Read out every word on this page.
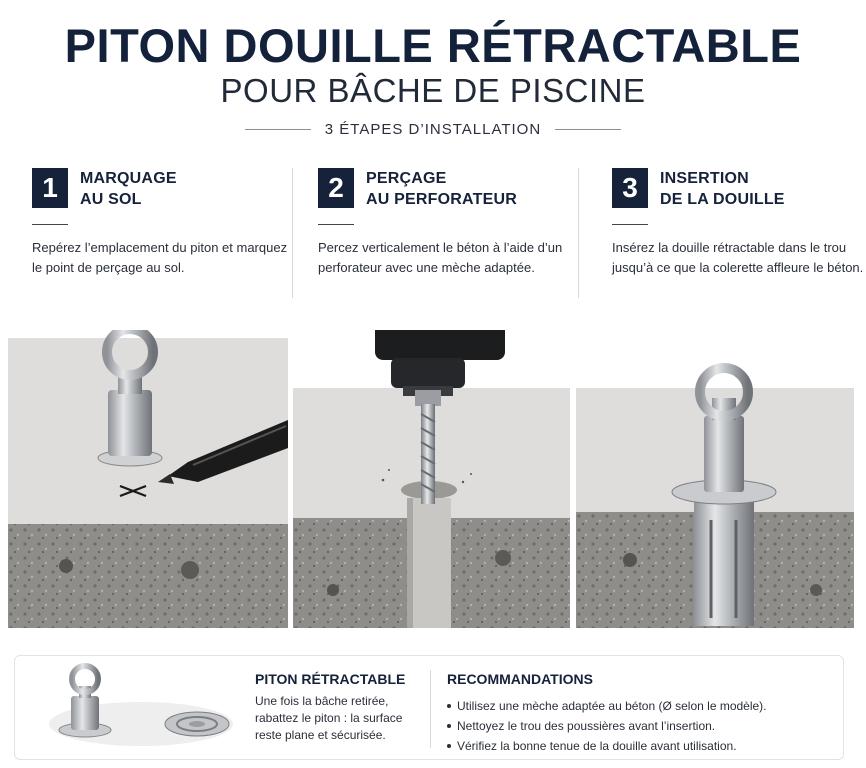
PITON DOUILLE RÉTRACTABLE
POUR BÂCHE DE PISCINE
3 ÉTAPES D’INSTALLATION
1	MARQUAGE
AU SOL
Repérez l’emplacement du piton et marquez le point de perçage au sol.
2	PERÇAGE
AU PERFORATEUR
Percez verticalement le béton à l’aide d’un perforateur avec une mèche adaptée.
3	INSERTION
DE LA DOUILLE
Insérez la douille rétractable dans le trou jusqu’à ce que la colerette affleure le béton.
PITON RÉTRACTABLE
Une fois la bâche retirée, rabattez le piton : la surface reste plane et sécurisée.
RECOMMANDATIONS
Utilisez une mèche adaptée au béton (Ø selon le modèle).
Nettoyez le trou des poussières avant l’insertion.
Vérifiez la bonne tenue de la douille avant utilisation.
